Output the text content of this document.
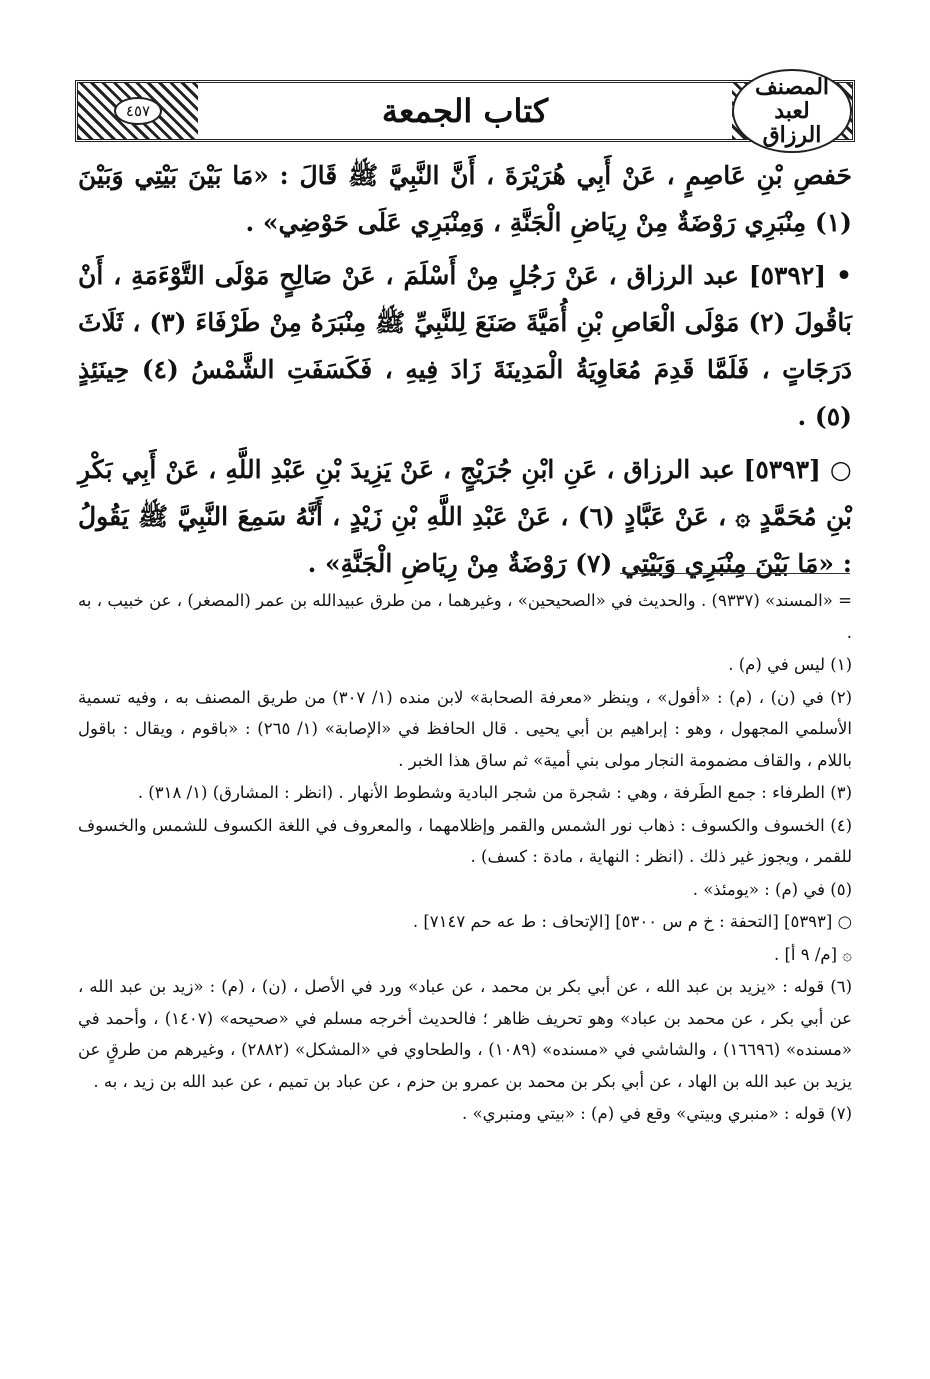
٤٥٧	كتاب الجمعة
المصنف لعبد الرزاق

حَفصِ بْنِ عَاصِمٍ ، عَنْ أَبِي هُرَيْرَةَ ، أَنَّ النَّبِيَّ ﷺ قَالَ : «مَا بَيْنَ بَيْتِي وَبَيْنَ (١) مِنْبَرِي رَوْضَةٌ مِنْ رِيَاضِ الْجَنَّةِ ، وَمِنْبَرِي عَلَى حَوْضِي» .

• [٥٣٩٢] عبد الرزاق ، عَنْ رَجُلٍ مِنْ أَسْلَمَ ، عَنْ صَالِحٍ مَوْلَى التَّوْءَمَةِ ، أَنْ بَاقُولَ (٢) مَوْلَى الْعَاصِ بْنِ أُمَيَّةَ صَنَعَ لِلنَّبِيِّ ﷺ مِنْبَرَهُ مِنْ طَرْفَاءَ (٣) ، ثَلَاثَ دَرَجَاتٍ ، فَلَمَّا قَدِمَ مُعَاوِيَةُ الْمَدِينَةَ زَادَ فِيهِ ، فَكَسَفَتِ الشَّمْسُ (٤) حِينَئِذٍ (٥) .

○ [٥٣٩٣] عبد الرزاق ، عَنِ ابْنِ جُرَيْجٍ ، عَنْ يَزِيدَ بْنِ عَبْدِ اللَّهِ ، عَنْ أَبِي بَكْرِ بْنِ مُحَمَّدٍ ۞ ، عَنْ عَبَّادٍ (٦) ، عَنْ عَبْدِ اللَّهِ بْنِ زَيْدٍ ، أَنَّهُ سَمِعَ النَّبِيَّ ﷺ يَقُولُ : «مَا بَيْنَ مِنْبَرِي وَبَيْتِي (٧) رَوْضَةٌ مِنْ رِيَاضِ الْجَنَّةِ» .

= «المسند» (٩٣٣٧) . والحديث في «الصحيحين» ، وغيرهما ، من طرق عبيدالله بن عمر (المصغر) ، عن خبيب ، به .

(١) ليس في (م) .

(٢) في (ن) ، (م) : «أفول» ، وينظر «معرفة الصحابة» لابن منده (١/ ٣٠٧) من طريق المصنف به ، وفيه تسمية الأسلمي المجهول ، وهو : إبراهيم بن أبي يحيى . قال الحافظ في «الإصابة» (١/ ٢٦٥) : «باقوم ، ويقال : باقول باللام ، والقاف مضمومة النجار مولى بني أمية» ثم ساق هذا الخبر .

(٣) الطرفاء : جمع الطَرفة ، وهي : شجرة من شجر البادية وشطوط الأنهار . (انظر : المشارق) (١/ ٣١٨) .

(٤) الخسوف والكسوف : ذهاب نور الشمس والقمر وإظلامهما ، والمعروف في اللغة الكسوف للشمس والخسوف للقمر ، ويجوز غير ذلك . (انظر : النهاية ، مادة : كسف) .

(٥) في (م) : «يومئذ» .

○ [٥٣٩٣] [التحفة : خ م س ٥٣٠٠] [الإتحاف : ط عه حم ٧١٤٧] .

۞ [م/ ٩ أ] .

(٦) قوله : «يزيد بن عبد الله ، عن أبي بكر بن محمد ، عن عباد» ورد في الأصل ، (ن) ، (م) : «زيد بن عبد الله ، عن أبي بكر ، عن محمد بن عباد» وهو تحريف ظاهر ؛ فالحديث أخرجه مسلم في «صحيحه» (١٤٠٧) ، وأحمد في «مسنده» (١٦٦٩٦) ، والشاشي في «مسنده» (١٠٨٩) ، والطحاوي في «المشكل» (٢٨٨٢) ، وغيرهم من طرقٍ عن يزيد بن عبد الله بن الهاد ، عن أبي بكر بن محمد بن عمرو بن حزم ، عن عباد بن تميم ، عن عبد الله بن زيد ، به .

(٧) قوله : «منبري وبيتي» وقع في (م) : «بيتي ومنبري» .
